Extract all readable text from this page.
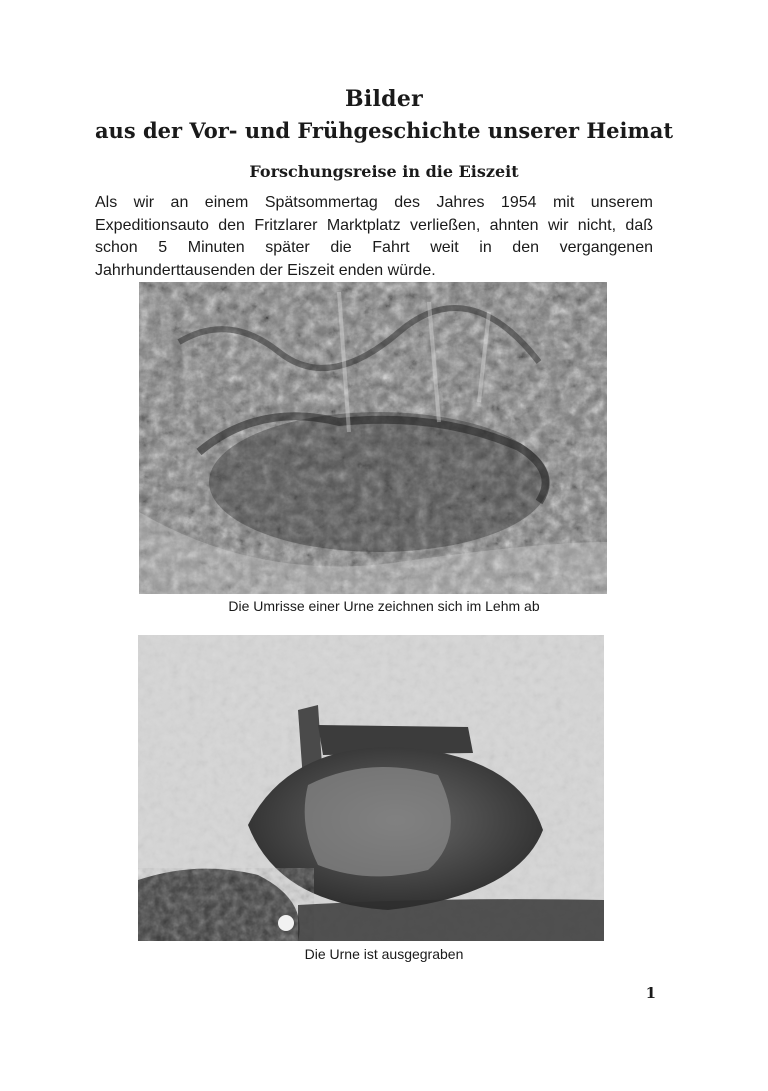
Bilder
aus der Vor- und Frühgeschichte unserer Heimat
Forschungsreise in die Eiszeit
Als wir an einem Spätsommertag des Jahres 1954 mit unserem Expeditionsauto den Fritzlarer Marktplatz verließen, ahnten wir nicht, daß schon 5 Minuten später die Fahrt weit in den vergangenen Jahrhunderttausenden der Eiszeit enden würde.
Die Umrisse einer Urne zeichnen sich im Lehm ab
Die Urne ist ausgegraben
1
